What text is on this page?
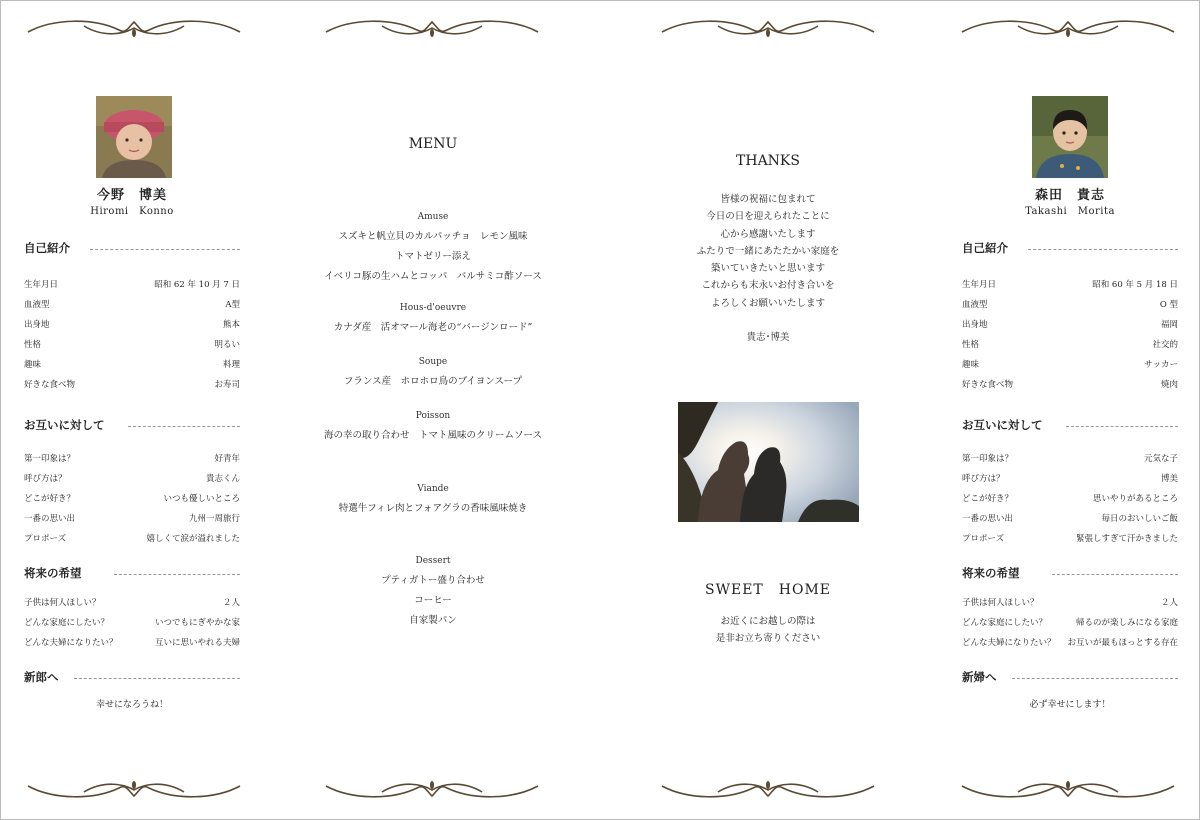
今野　博美
Hiromi　Konno
自己紹介
生年月日	昭和 62 年 10 月 7 日
血液型	A型
出身地	熊本
性格	明るい
趣味	料理
好きな食べ物	お寿司
お互いに対して
第一印象は？	好青年
呼び方は？	貴志くん
どこが好き？	いつも優しいところ
一番の思い出	九州一周旅行
プロポーズ	嬉しくて涙が溢れました
将来の希望
子供は何人ほしい？	２人
どんな家庭にしたい？	いつでもにぎやかな家
どんな夫婦になりたい？	互いに思いやれる夫婦
新郎へ
幸せになろうね！
MENU
Amuse
スズキと帆立貝のカルパッチョ　レモン風味
トマトゼリー添え
イベリコ豚の生ハムとコッパ　バルサミコ酢ソース
Hous-d'oeuvre
カナダ産　活オマール海老の“バージンロード”
Soupe
フランス産　ホロホロ鳥のブイヨンスープ
Poisson
海の幸の取り合わせ　トマト風味のクリームソース
Viande
特選牛フィレ肉とフォアグラの香味風味焼き
Dessert
プティガトー盛り合わせ
コーヒー
自家製パン
THANKS
皆様の祝福に包まれて
今日の日を迎えられたことに
心から感謝いたします
ふたりで一緒にあたたかい家庭を
築いていきたいと思います
これからも末永いお付き合いを
よろしくお願いいたします
貴志･博美
SWEET　HOME
お近くにお越しの際は
是非お立ち寄りください
森田　貴志
Takashi　Morita
自己紹介
生年月日	昭和 60 年 5 月 18 日
血液型	O 型
出身地	福岡
性格	社交的
趣味	サッカー
好きな食べ物	焼肉
お互いに対して
第一印象は？	元気な子
呼び方は？	博美
どこが好き？	思いやりがあるところ
一番の思い出	毎日のおいしいご飯
プロポーズ	緊張しすぎて汗かきました
将来の希望
子供は何人ほしい？	２人
どんな家庭にしたい？	帰るのが楽しみになる家庭
どんな夫婦になりたい？ お互いが最もほっとする存在
新婦へ
必ず幸せにします！
